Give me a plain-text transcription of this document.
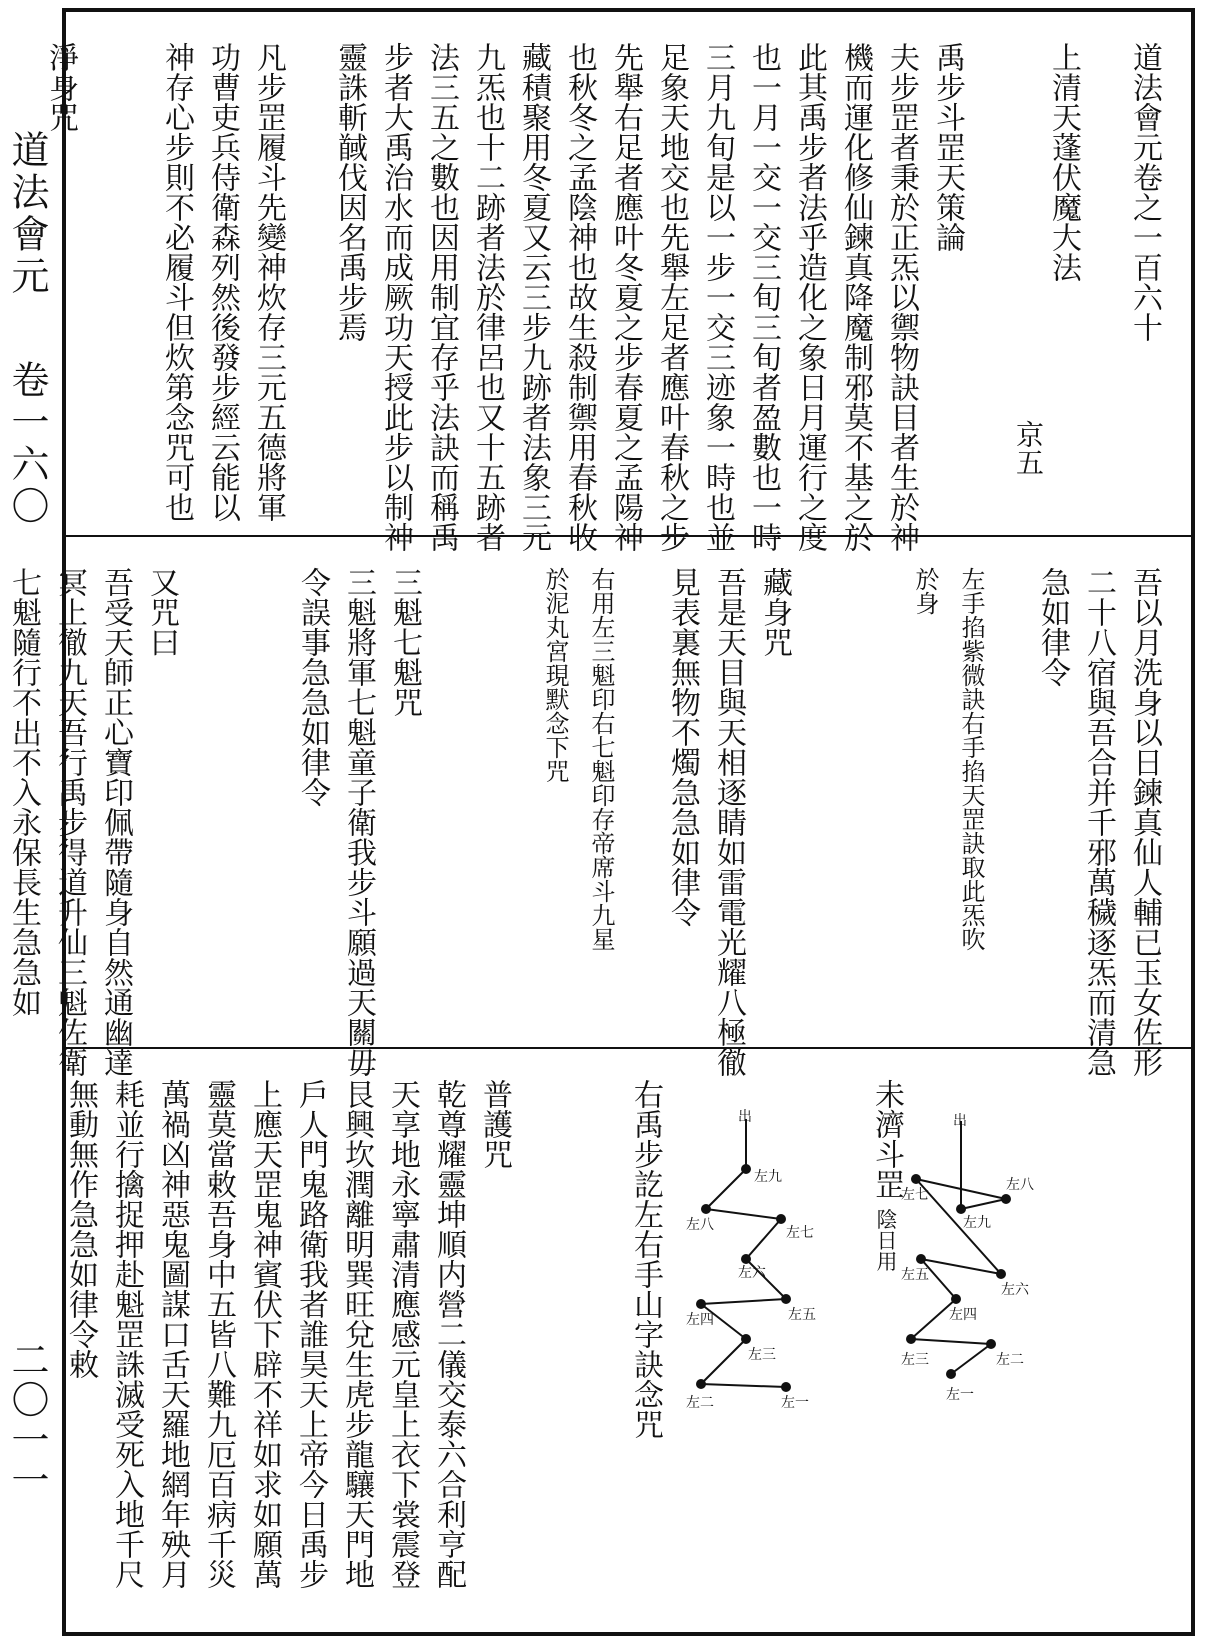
道法會元  卷一六〇
二〇一一
道法會元卷之一百六十
上清天蓬伏魔大法
禹步斗罡天策論
夫步罡者秉於正炁以禦物訣目者生於神
機而運化修仙鍊真降魔制邪莫不基之於
此其禹步者法乎造化之象日月運行之度
也一月一交一交三旬三旬者盈數也一時
三月九旬是以一步一交三迹象一時也並
足象天地交也先舉左足者應叶春秋之步
先舉右足者應叶冬夏之步春夏之孟陽神
也秋冬之孟陰神也故生殺制禦用春秋收
藏積聚用冬夏又云三步九跡者法象三元
九炁也十二跡者法於律呂也又十五跡者
法三五之數也因用制宜存乎法訣而稱禹
步者大禹治水而成厥功天授此步以制神
靈誅斬馘伐因名禹步焉
凡步罡履斗先變神炊存三元五德將軍
功曹吏兵侍衛森列然後發步經云能以
神存心步則不必履斗但炊第念咒可也
淨身咒
京五
吾以月洗身以日鍊真仙人輔已玉女佐形
二十八宿與吾合并千邪萬穢逐炁而清急
急如律令
左手掐紫微訣右手掐天罡訣取此炁吹
於身
藏身咒
吾是天目與天相逐睛如雷電光耀八極徹
見表裏無物不燭急急如律令
右用左三魁印右七魁印存帝席斗九星
於泥丸宮現默念下咒
三魁七魁咒
三魁將軍七魁童子衛我步斗願過天關毋
令誤事急急如律令
又咒曰
吾受天師正心寶印佩帶隨身自然通幽達
冥上徹九天吾行禹步得道升仙三魁佐衛
七魁隨行不出不入永保長生急急如
未濟斗罡 陰日用
右禹步訖左右手山字訣念咒
普護咒
乾尊耀靈坤順内營二儀交泰六合利亨配
天享地永寧肅清應感元皇上衣下裳震登
艮興坎潤離明巽旺兌生虎步龍驤天門地
戶人門鬼路衛我者誰昊天上帝今日禹步
上應天罡鬼神賓伏下辟不祥如求如願萬
靈莫當敕吾身中五皆八難九厄百病千災
萬禍凶神惡鬼圖謀口舌天羅地網年殃月
耗並行擒捉押赴魁罡誅滅受死入地千尺
無動無作急急如律令敕	出
左七
左八
左九
左六
左五
左四
左三	左二
左一
出
左九
左八	左七
左六
左五
左四
左三
左二	左一
